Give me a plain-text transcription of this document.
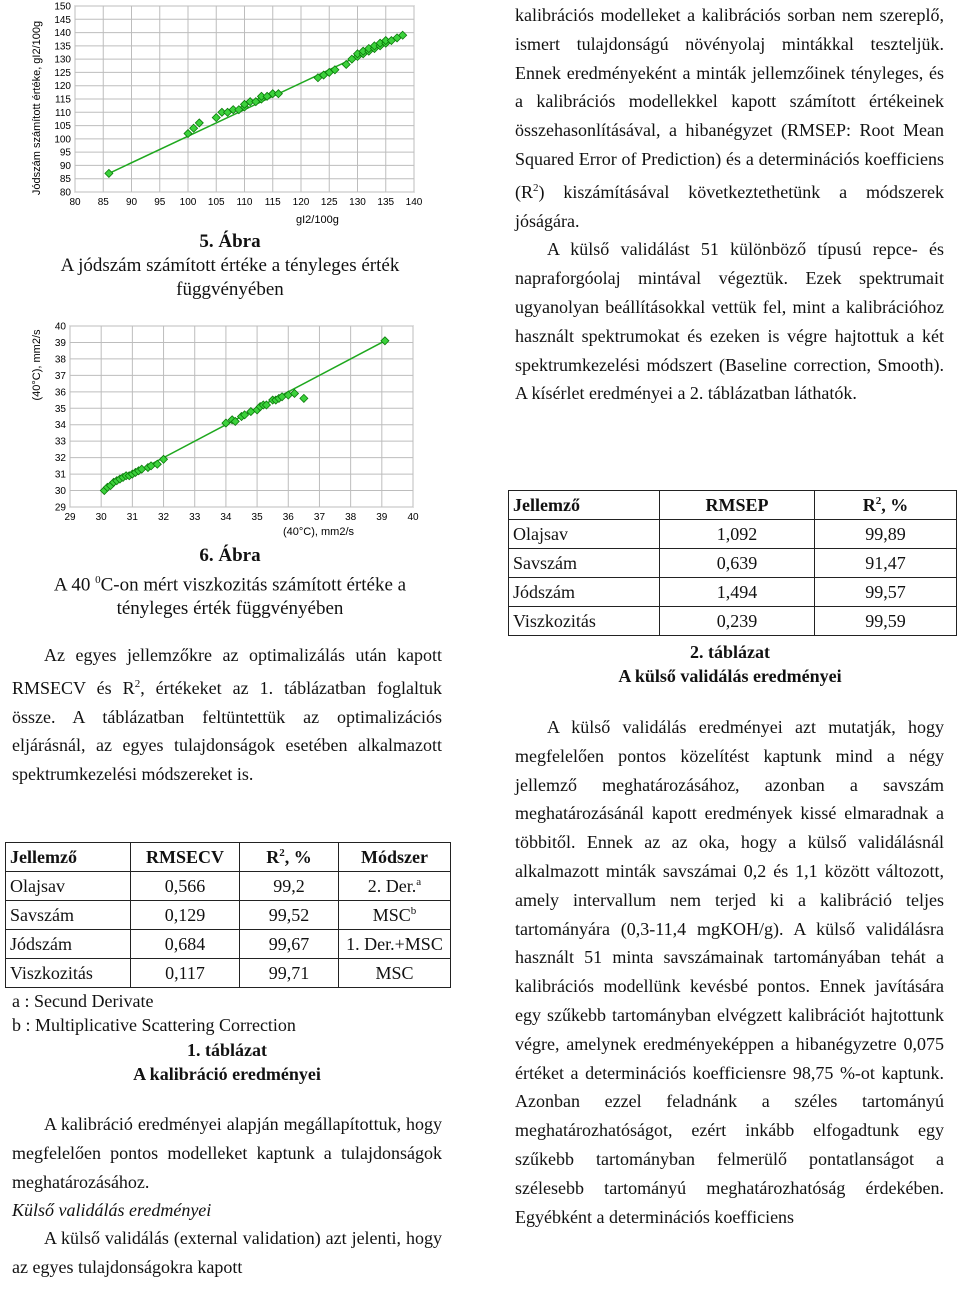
80 85 90 95 100 105 110 115 120 125 130 135 140
80
85
90
95
100
105
110
115
120
125
130
135
140
145
150
Jódszám számított értéke, gI2/100g
gI2/100g
5. Ábra
A jódszám számított értéke a tényleges érték függvényében
29 30 31 32 33 34 35 36 37 38 39 40
29
30
31
32
33
34
35
36
37
38
39
40
(40°C), mm2/s
(40°C), mm2/s
6. Ábra
A 40 $^0$C-on mért viszkozitás számított értéke a tényleges érték függvényében

Az egyes jellemzőkre az optimalizálás után kapott RMSECV és $R^2$, értékeket az 1. táblázatban foglaltuk össze. A táblázatban feltüntettük az optimalizációs eljárásnál, az egyes tulajdonságok esetében alkalmazott spektrumkezelési módszereket is.

Jellemző	RMSECV	$R^2$, %	Módszer
Olajsav	0,566	99,2	2. Der.$^a$
Savszám	0,129	99,52	MSC$^b$
Jódszám	0,684	99,67	1. Der.+MSC
Viszkozitás	0,117	99,71	MSC
a : Secund Derivate
b : Multiplicative Scattering Correction
1. táblázat
A kalibráció eredményei

A kalibráció eredményei alapján megállapítottuk, hogy megfelelően pontos modelleket kaptunk a tulajdonságok meghatározásához.

Külső validálás eredményei

A külső validálás (external validation) azt jelenti, hogy az egyes tulajdonságokra kapott

kalibrációs modelleket a kalibrációs sorban nem szereplő, ismert tulajdonságú növényolaj mintákkal teszteljük. Ennek eredményeként a minták jellemzőinek tényleges, és a kalibrációs modellekkel kapott számított értékeinek összehasonlításával, a hibanégyzet (RMSEP: Root Mean Squared Error of Prediction) és a determinációs koefficiens $(R^2)$ kiszámításával következtethetünk a módszerek jóságára.

A külső validálást 51 különböző típusú repce- és napraforgóolaj mintával végeztük. Ezek spektrumait ugyanolyan beállításokkal vettük fel, mint a kalibrációhoz használt spektrumokat és ezeken is végre hajtottuk a két spektrumkezelési módszert (Baseline correction, Smooth). A kísérlet eredményei a 2. táblázatban láthatók.

Jellemző	RMSEP	$R^2$, %
Olajsav	1,092	99,89
Savszám	0,639	91,47
Jódszám	1,494	99,57
Viszkozitás	0,239	99,59
2. táblázat
A külső validálás eredményei

A külső validálás eredményei azt mutatják, hogy megfelelően pontos közelítést kaptunk mind a négy jellemző meghatározásához, azonban a savszám meghatározásánál kapott eredmények kissé elmaradnak a többitől. Ennek az az oka, hogy a külső validálásnál alkalmazott minták savszámai 0,2 és 1,1 között változott, amely intervallum nem terjed ki a kalibráció teljes tartományára (0,3-11,4 mgKOH/g). A külső validálásra használt 51 minta savszámainak tartományában tehát a kalibrációs modellünk kevésbé pontos. Ennek javítására egy szűkebb tartományban elvégzett kalibrációt hajtottunk végre, amelynek eredményeképpen a hibanégyzetre 0,075 értéket a determinációs koefficiensre 98,75 %-ot kaptunk. Azonban ezzel feladnánk a széles tartományú meghatározhatóságot, ezért inkább elfogadtunk egy szűkebb tartományban felmerülő pontatlanságot a szélesebb tartományú meghatározhatóság érdekében. Egyébként a determinációs koefficiens
